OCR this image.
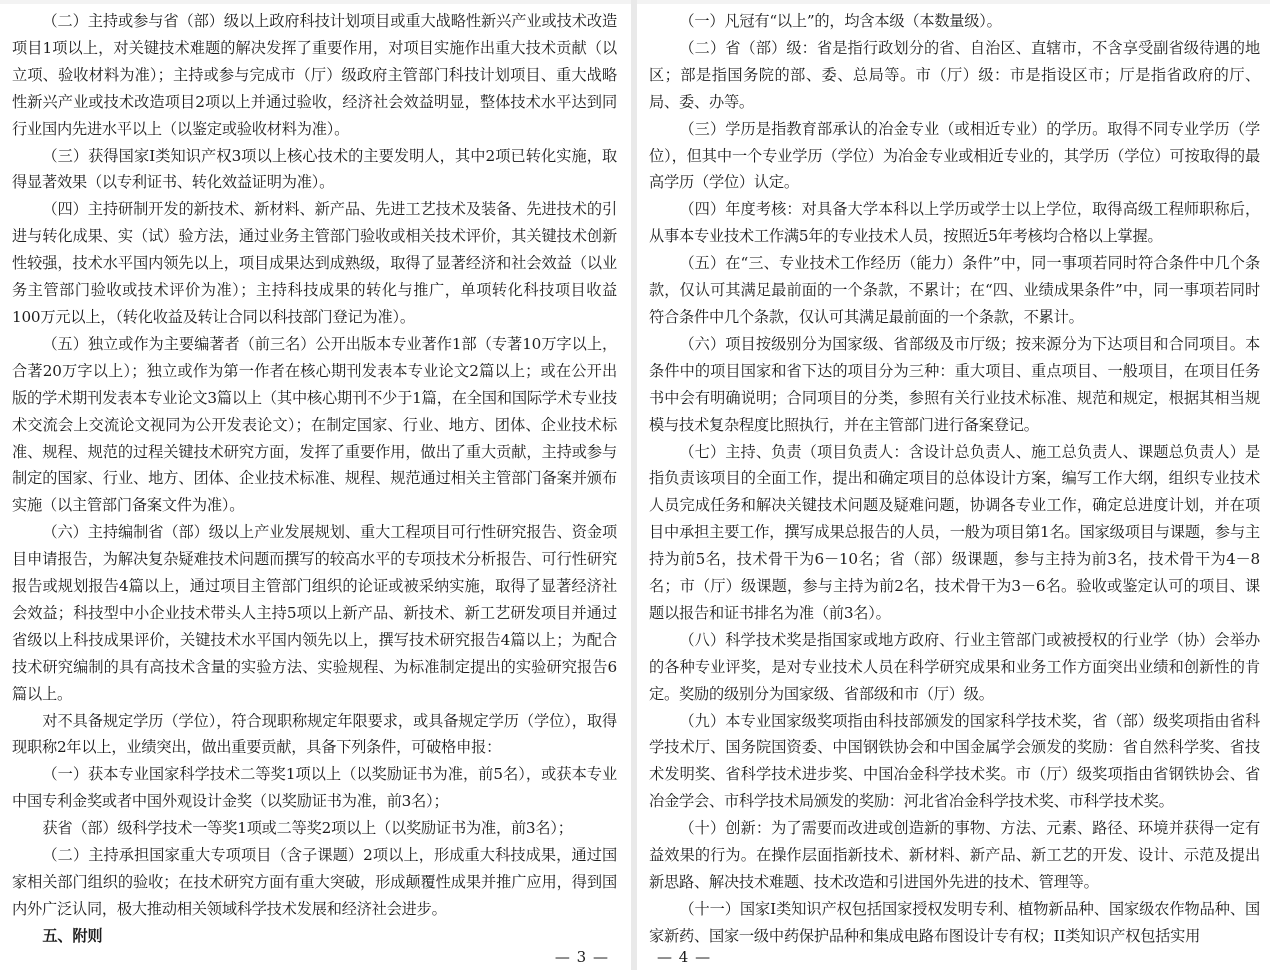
（二）主持或参与省（部）级以上政府科技计划项目或重大战略性新兴产业或技术改造项目1项以上，对关键技术难题的解决发挥了重要作用，对项目实施作出重大技术贡献（以立项、验收材料为准）；主持或参与完成市（厅）级政府主管部门科技计划项目、重大战略性新兴产业或技术改造项目2项以上并通过验收，经济社会效益明显，整体技术水平达到同行业国内先进水平以上（以鉴定或验收材料为准）。

（三）获得国家I类知识产权3项以上核心技术的主要发明人，其中2项已转化实施，取得显著效果（以专利证书、转化效益证明为准）。

（四）主持研制开发的新技术、新材料、新产品、先进工艺技术及装备、先进技术的引进与转化成果、实（试）验方法，通过业务主管部门验收或相关技术评价，其关键技术创新性较强，技术水平国内领先以上，项目成果达到成熟级，取得了显著经济和社会效益（以业务主管部门验收或技术评价为准）；主持科技成果的转化与推广，单项转化科技项目收益100万元以上，（转化收益及转让合同以科技部门登记为准）。

（五）独立或作为主要编著者（前三名）公开出版本专业著作1部（专著10万字以上，合著20万字以上）；独立或作为第一作者在核心期刊发表本专业论文2篇以上；或在公开出版的学术期刊发表本专业论文3篇以上（其中核心期刊不少于1篇，在全国和国际学术专业技术交流会上交流论文视同为公开发表论文）；在制定国家、行业、地方、团体、企业技术标准、规程、规范的过程关键技术研究方面，发挥了重要作用，做出了重大贡献，主持或参与制定的国家、行业、地方、团体、企业技术标准、规程、规范通过相关主管部门备案并颁布实施（以主管部门备案文件为准）。

（六）主持编制省（部）级以上产业发展规划、重大工程项目可行性研究报告、资金项目申请报告，为解决复杂疑难技术问题而撰写的较高水平的专项技术分析报告、可行性研究报告或规划报告4篇以上，通过项目主管部门组织的论证或被采纳实施，取得了显著经济社会效益；科技型中小企业技术带头人主持5项以上新产品、新技术、新工艺研发项目并通过省级以上科技成果评价，关键技术水平国内领先以上，撰写技术研究报告4篇以上；为配合技术研究编制的具有高技术含量的实验方法、实验规程、为标准制定提出的实验研究报告6篇以上。

对不具备规定学历（学位），符合现职称规定年限要求，或具备规定学历（学位），取得现职称2年以上，业绩突出，做出重要贡献，具备下列条件，可破格申报：

（一）获本专业国家科学技术二等奖1项以上（以奖励证书为准，前5名），或获本专业中国专利金奖或者中国外观设计金奖（以奖励证书为准，前3名）；

获省（部）级科学技术一等奖1项或二等奖2项以上（以奖励证书为准，前3名）；

（二）主持承担国家重大专项项目（含子课题）2项以上，形成重大科技成果，通过国家相关部门组织的验收；在技术研究方面有重大突破，形成颠覆性成果并推广应用，得到国内外广泛认同，极大推动相关领域科学技术发展和经济社会进步。

五、附则

— 3 —

（一）凡冠有“以上”的，均含本级（本数量级）。

（二）省（部）级：省是指行政划分的省、自治区、直辖市，不含享受副省级待遇的地区；部是指国务院的部、委、总局等。市（厅）级：市是指设区市；厅是指省政府的厅、局、委、办等。

（三）学历是指教育部承认的冶金专业（或相近专业）的学历。取得不同专业学历（学位），但其中一个专业学历（学位）为冶金专业或相近专业的，其学历（学位）可按取得的最高学历（学位）认定。

（四）年度考核：对具备大学本科以上学历或学士以上学位，取得高级工程师职称后，从事本专业技术工作满5年的专业技术人员，按照近5年考核均合格以上掌握。

（五）在“三、专业技术工作经历（能力）条件”中，同一事项若同时符合条件中几个条款，仅认可其满足最前面的一个条款，不累计；在“四、业绩成果条件”中，同一事项若同时符合条件中几个条款，仅认可其满足最前面的一个条款，不累计。

（六）项目按级别分为国家级、省部级及市厅级；按来源分为下达项目和合同项目。本条件中的项目国家和省下达的项目分为三种：重大项目、重点项目、一般项目，在项目任务书中会有明确说明；合同项目的分类，参照有关行业技术标准、规范和规定，根据其相当规模与技术复杂程度比照执行，并在主管部门进行备案登记。

（七）主持、负责（项目负责人：含设计总负责人、施工总负责人、课题总负责人）是指负责该项目的全面工作，提出和确定项目的总体设计方案，编写工作大纲，组织专业技术人员完成任务和解决关键技术问题及疑难问题，协调各专业工作，确定总进度计划，并在项目中承担主要工作，撰写成果总报告的人员，一般为项目第1名。国家级项目与课题，参与主持为前5名，技术骨干为6－10名；省（部）级课题，参与主持为前3名，技术骨干为4－8名；市（厅）级课题，参与主持为前2名，技术骨干为3－6名。验收或鉴定认可的项目、课题以报告和证书排名为准（前3名）。

（八）科学技术奖是指国家或地方政府、行业主管部门或被授权的行业学（协）会举办的各种专业评奖，是对专业技术人员在科学研究成果和业务工作方面突出业绩和创新性的肯定。奖励的级别分为国家级、省部级和市（厅）级。

（九）本专业国家级奖项指由科技部颁发的国家科学技术奖，省（部）级奖项指由省科学技术厅、国务院国资委、中国钢铁协会和中国金属学会颁发的奖励：省自然科学奖、省技术发明奖、省科学技术进步奖、中国冶金科学技术奖。市（厅）级奖项指由省钢铁协会、省冶金学会、市科学技术局颁发的奖励：河北省冶金科学技术奖、市科学技术奖。

（十）创新：为了需要而改进或创造新的事物、方法、元素、路径、环境并获得一定有益效果的行为。在操作层面指新技术、新材料、新产品、新工艺的开发、设计、示范及提出新思路、解决技术难题、技术改造和引进国外先进的技术、管理等。

（十一）国家I类知识产权包括国家授权发明专利、植物新品种、国家级农作物品种、国家新药、国家一级中药保护品种和集成电路布图设计专有权；II类知识产权包括实用

— 4 —
